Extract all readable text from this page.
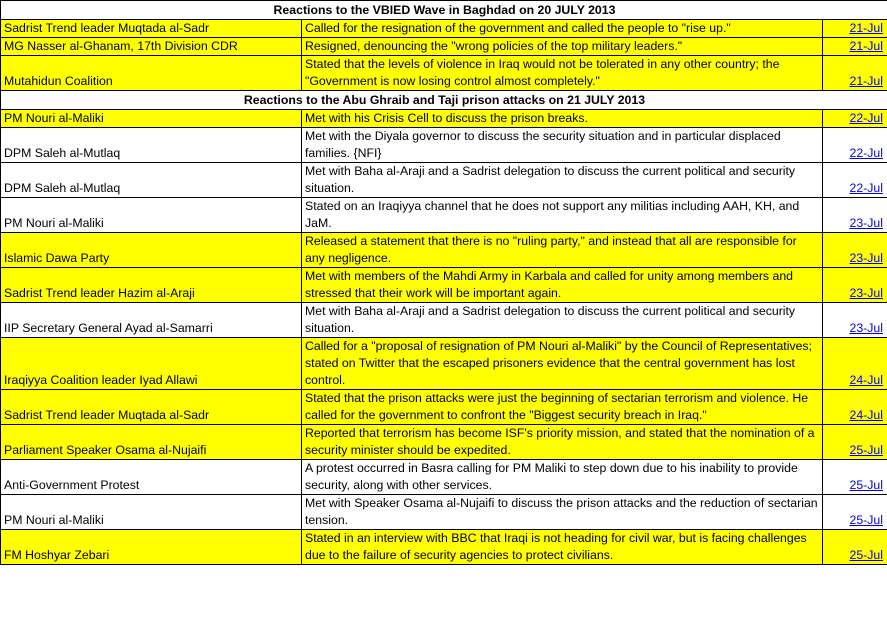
Reactions to the VBIED Wave in Baghdad on 20 JULY 2013		
Sadrist Trend leader Muqtada al-Sadr	Called for the resignation of the government and called the people to "rise up."	21-Jul
MG Nasser al-Ghanam, 17th Division CDR	Resigned, denouncing the "wrong policies of the top military leaders."	21-Jul
Mutahidun Coalition	Stated that the levels of violence in Iraq would not be tolerated in any other country; the "Government is now losing control almost completely."	21-Jul
Reactions to the Abu Ghraib and Taji prison attacks on 21 JULY 2013		
PM Nouri al-Maliki	Met with his Crisis Cell to discuss the prison breaks.	22-Jul
DPM Saleh al-Mutlaq	Met with the Diyala governor to discuss the security situation and in particular displaced families. {NFI}	22-Jul
DPM Saleh al-Mutlaq	Met with Baha al-Araji and a Sadrist delegation to discuss the current political and security situation.	22-Jul
PM Nouri al-Maliki	Stated on an Iraqiyya channel that he does not support any militias including AAH, KH, and JaM.	23-Jul
Islamic Dawa Party	Released a statement that there is no "ruling party," and instead that all are responsible for any negligence.	23-Jul
Sadrist Trend leader Hazim al-Araji	Met with members of the Mahdi Army in Karbala and called for unity among members and stressed that their work will be important again.	23-Jul
IIP Secretary General Ayad al-Samarri	Met with Baha al-Araji and a Sadrist delegation to discuss the current political and security situation.	23-Jul
Iraqiyya Coalition leader Iyad Allawi	Called for a "proposal of resignation of PM Nouri al-Maliki" by the Council of Representatives; stated on Twitter that the escaped prisoners evidence that the central government has lost control.	24-Jul
Sadrist Trend leader Muqtada al-Sadr	Stated that the prison attacks were just the beginning of sectarian terrorism and violence. He called for the government to confront the "Biggest security breach in Iraq."	24-Jul
Parliament Speaker Osama al-Nujaifi	Reported that terrorism has become ISF's priority mission, and stated that the nomination of a security minister should be expedited.	25-Jul
Anti-Government Protest	A protest occurred in Basra calling for PM Maliki to step down due to his inability to provide security, along with other services.	25-Jul
PM Nouri al-Maliki	Met with Speaker Osama al-Nujaifi to discuss the prison attacks and the reduction of sectarian tension.	25-Jul
FM Hoshyar Zebari	Stated in an interview with BBC that Iraqi is not heading for civil war, but is facing challenges due to the failure of security agencies to protect civilians.	25-Jul
